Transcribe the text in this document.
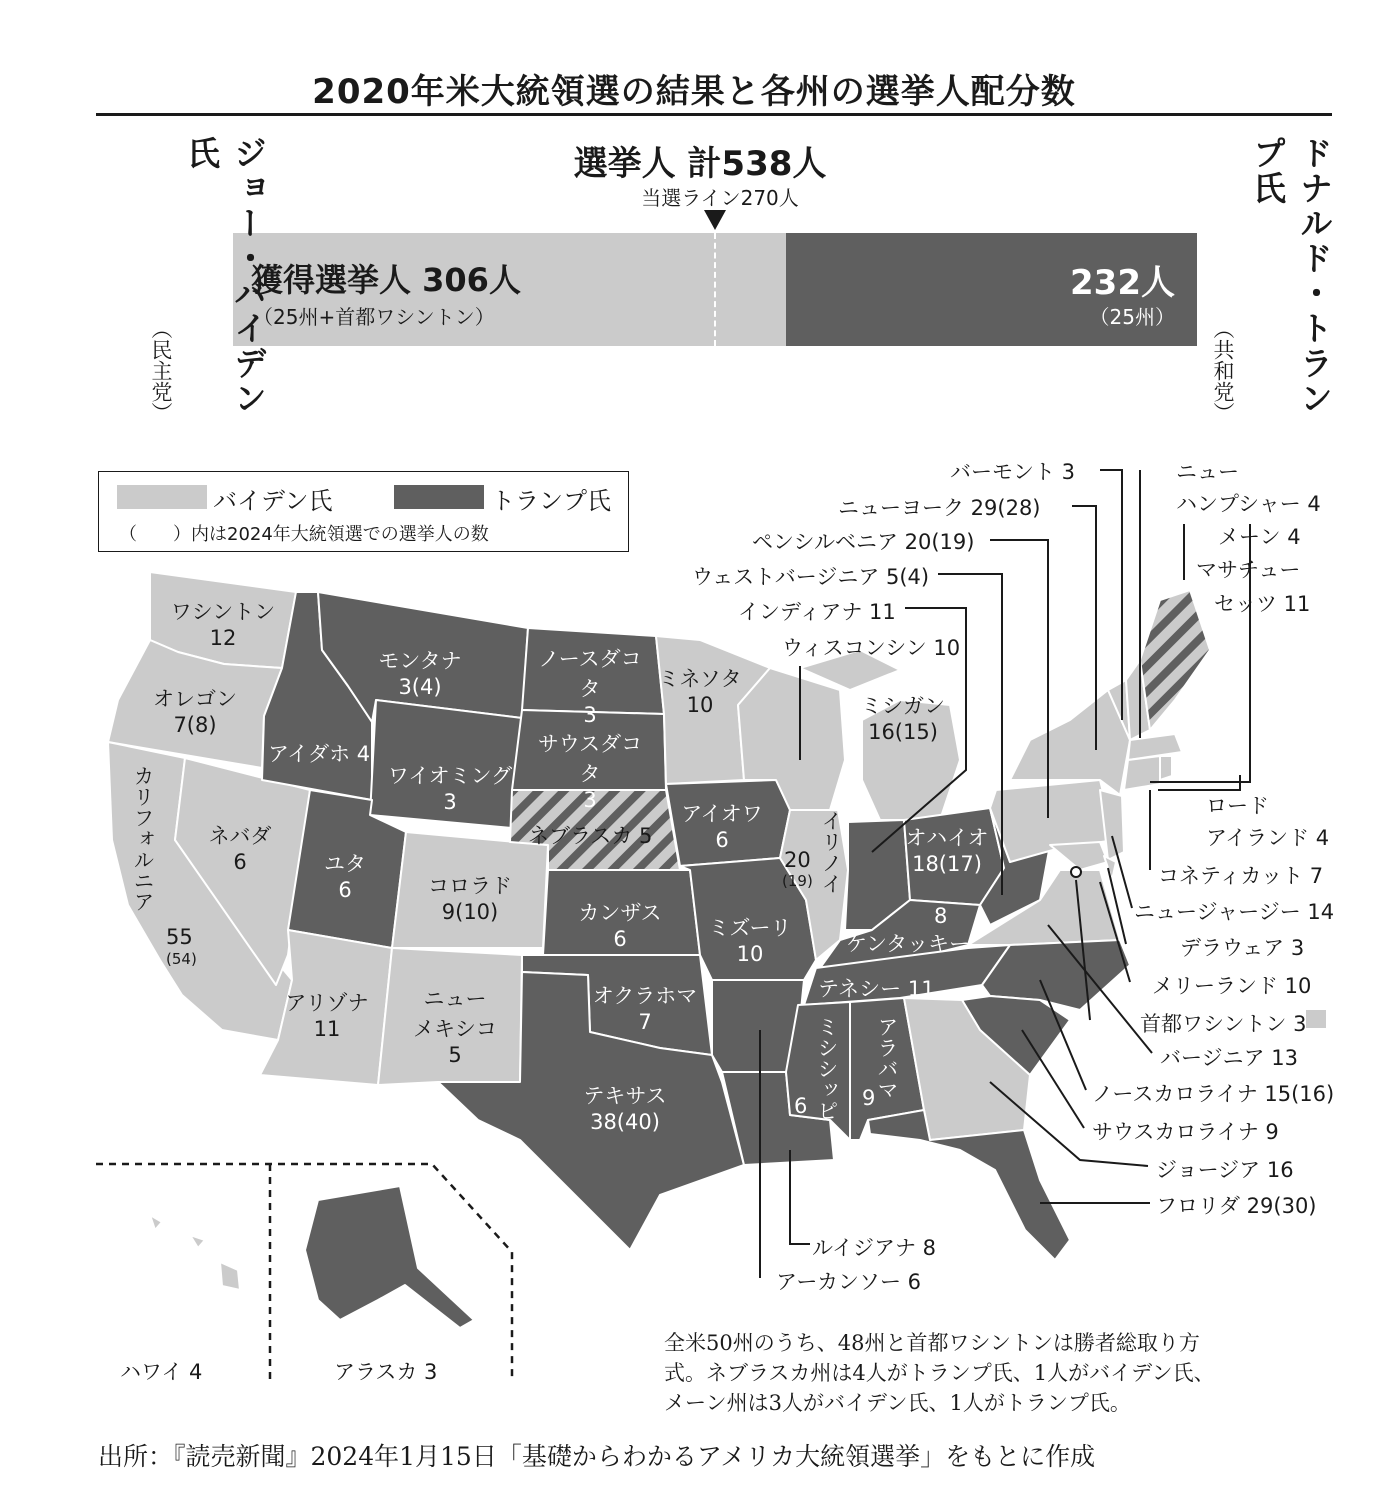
2020年米大統領選の結果と各州の選挙人配分数
選挙人 計538人
当選ライン270人
獲得選挙人 306人
（25州+首都ワシントン）
232人
（25州）
ジョー・バイデン氏
（民主党）	ドナルド・トランプ氏
（共和党）
バイデン氏	トランプ氏
（　　）内は2024年大統領選での選挙人の数
ワシントン
12
オレゴン
7(8)
カリフォルニア
55
(54)
ネバダ
6
アイダホ 4
モンタナ
3(4)
ワイオミング
3
ユタ
6	コロラド
9(10)
アリゾナ
11
ニュー
メキシコ
5
ノースダコタ
3
サウスダコタ
3
ネブラスカ 5
カンザス
6
オクラホマ
7
テキサス
38(40)
ミネソタ
10
アイオワ
6
ミズーリ
10
イリノイ
20
(19)
ミシガン
16(15)
オハイオ
18(17)
ケンタッキー
8
テネシー 11
ミシシッピ
6
アラバマ
9
バーモント 3
ニューヨーク 29(28)
ペンシルベニア 20(19)
ウェストバージニア 5(4)
インディアナ 11
ウィスコンシン 10
ニュー
ハンプシャー 4
メーン 4
マサチュー
セッツ 11
ロード
アイランド 4
コネティカット 7
ニュージャージー 14
デラウェア 3
メリーランド 10
首都ワシントン 3
バージニア 13
ノースカロライナ 15(16)
サウスカロライナ 9
ジョージア 16
フロリダ 29(30)
ルイジアナ 8
アーカンソー 6
ハワイ 4	アラスカ 3
全米50州のうち、48州と首都ワシントンは勝者総取り方
式。ネブラスカ州は4人がトランプ氏、1人がバイデン氏、
メーン州は3人がバイデン氏、1人がトランプ氏。
出所：『読売新聞』2024年1月15日「基礎からわかるアメリカ大統領選挙」をもとに作成
